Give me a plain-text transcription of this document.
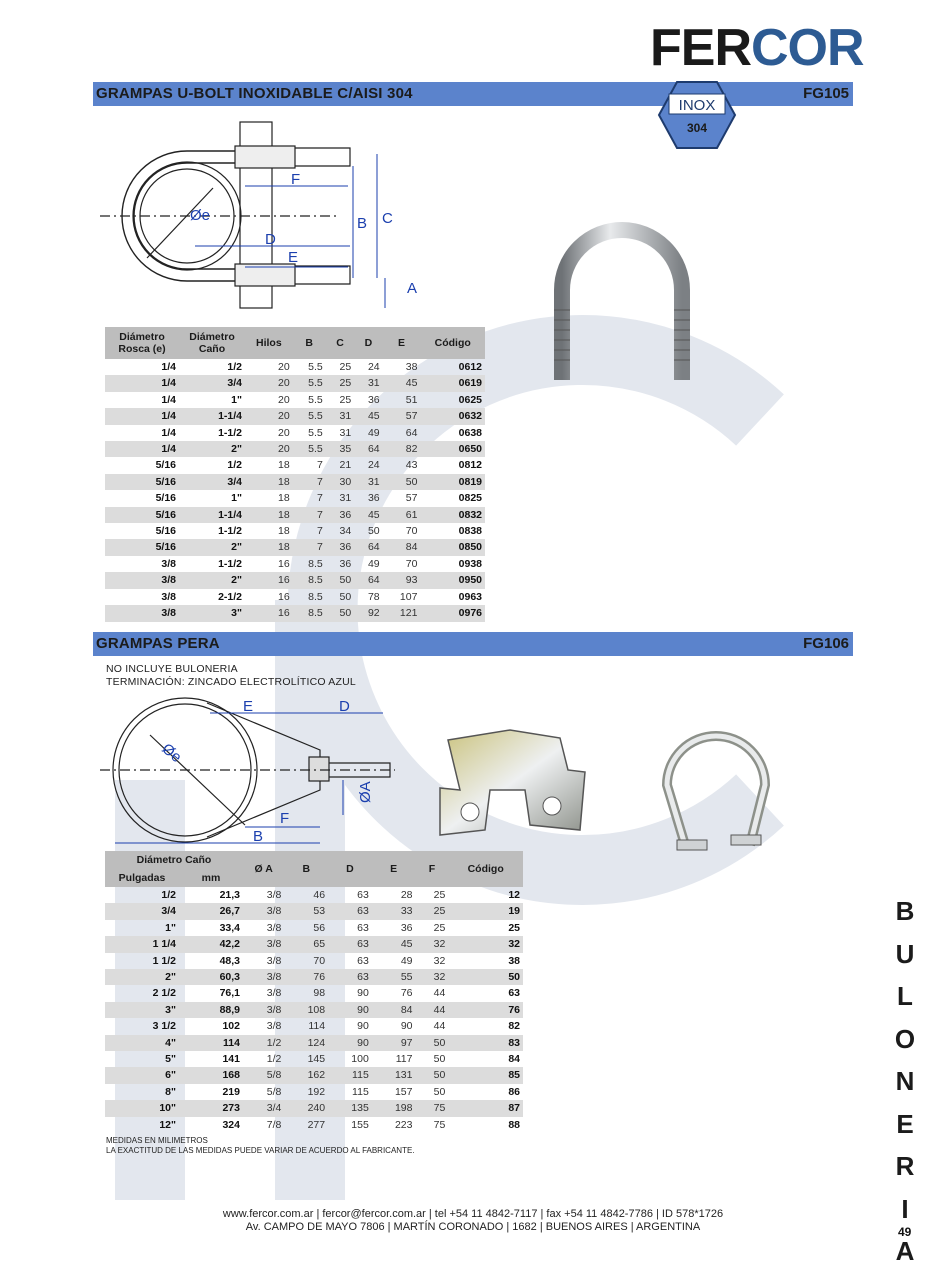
FERCOR
GRAMPAS U-BOLT INOXIDABLE C/AISI 304	FG105
INOX
304
F
D
E
B C
A
Øe
Diámetro
Rosca (e)	Diámetro
Caño	Hilos	B	C	D	E	Código
1/4	1/2	20	5.5	25	24	38	0612
1/4	3/4	20	5.5	25	31	45	0619
1/4	1"	20	5.5	25	36	51	0625
1/4	1-1/4	20	5.5	31	45	57	0632
1/4	1-1/2	20	5.5	31	49	64	0638
1/4	2"	20	5.5	35	64	82	0650
5/16	1/2	18	7	21	24	43	0812
5/16	3/4	18	7	30	31	50	0819
5/16	1"	18	7	31	36	57	0825
5/16	1-1/4	18	7	36	45	61	0832
5/16	1-1/2	18	7	34	50	70	0838
5/16	2"	18	7	36	64	84	0850
3/8	1-1/2	16	8.5	36	49	70	0938
3/8	2"	16	8.5	50	64	93	0950
3/8	2-1/2	16	8.5	50	78	107	0963
3/8	3"	16	8.5	50	92	121	0976
GRAMPAS PERA	FG106
NO INCLUYE BULONERIA
TERMINACIÓN: ZINCADO ELECTROLÍTICO AZUL
E	D
F
B
ØA
Øe
Diámetro Caño		Ø A	B	D	E	F	Código
Pulgadas	mm						
1/2	21,3	3/8	46	63	28	25	12
3/4	26,7	3/8	53	63	33	25	19
1"	33,4	3/8	56	63	36	25	25
1 1/4	42,2	3/8	65	63	45	32	32
1 1/2	48,3	3/8	70	63	49	32	38
2"	60,3	3/8	76	63	55	32	50
2 1/2	76,1	3/8	98	90	76	44	63
3"	88,9	3/8	108	90	84	44	76
3 1/2	102	3/8	114	90	90	44	82
4"	114	1/2	124	90	97	50	83
5"	141	1/2	145	100	117	50	84
6"	168	5/8	162	115	131	50	85
8"	219	5/8	192	115	157	50	86
10"	273	3/4	240	135	198	75	87
12"	324	7/8	277	155	223	75	88
MEDIDAS EN MILIMETROS
LA EXACTITUD DE LAS MEDIDAS PUEDE VARIAR DE ACUERDO AL FABRICANTE.
B
U
L
O
N
E
R
I
A
www.fercor.com.ar | fercor@fercor.com.ar | tel +54 11 4842-7117 | fax +54 11 4842-7786 | ID 578*1726
Av. CAMPO DE MAYO 7806 | MARTÍN CORONADO | 1682 | BUENOS AIRES | ARGENTINA	49
